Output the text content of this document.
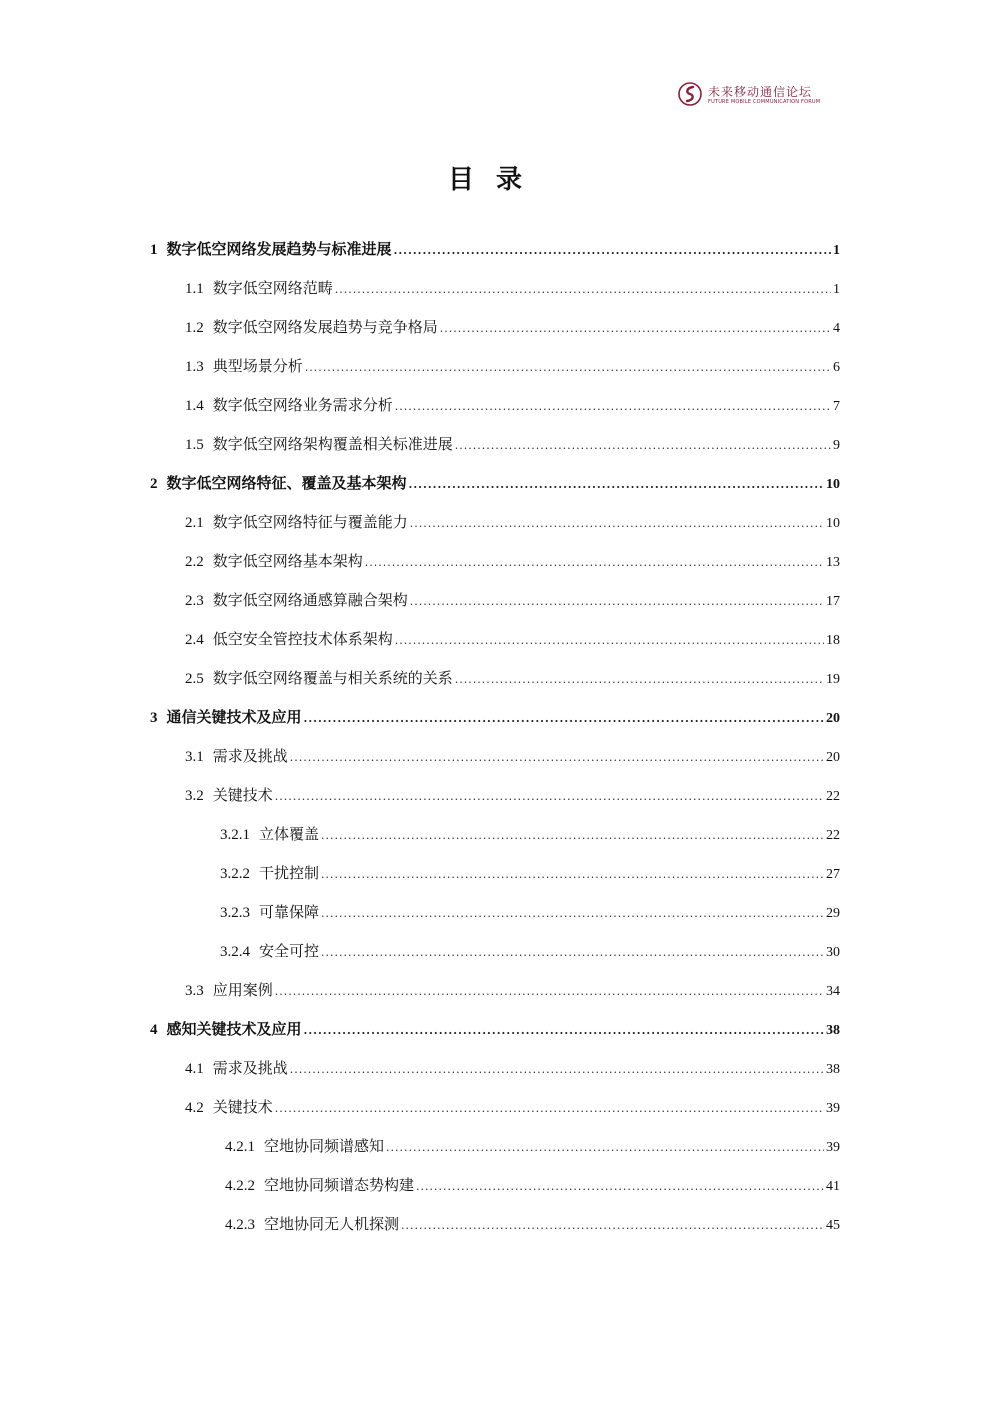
未来移动通信论坛
FUTURE MOBILE COMMUNICATION FORUM
目录
1 数字低空网络发展趋势与标准进展 .....	1
1.1 数字低空网络范畴 .....	1
1.2 数字低空网络发展趋势与竞争格局 .....	4
1.3 典型场景分析 .....	6
1.4 数字低空网络业务需求分析 .....	7
1.5 数字低空网络架构覆盖相关标准进展 .....	9
2 数字低空网络特征、覆盖及基本架构 .....	10
2.1 数字低空网络特征与覆盖能力 .....	10
2.2 数字低空网络基本架构 .....	13
2.3 数字低空网络通感算融合架构 .....	17
2.4 低空安全管控技术体系架构 .....	18
2.5 数字低空网络覆盖与相关系统的关系 .....	19
3 通信关键技术及应用 .....	20
3.1 需求及挑战 .....	20
3.2 关键技术 .....	22
3.2.1 立体覆盖 .....	22
3.2.2 干扰控制 .....	27
3.2.3 可靠保障 .....	29
3.2.4 安全可控 .....	30
3.3 应用案例 .....	34
4 感知关键技术及应用 .....	38
4.1 需求及挑战 .....	38
4.2 关键技术 .....	39
4.2.1 空地协同频谱感知 .....	39
4.2.2 空地协同频谱态势构建 .....	41
4.2.3 空地协同无人机探测 .....	45
